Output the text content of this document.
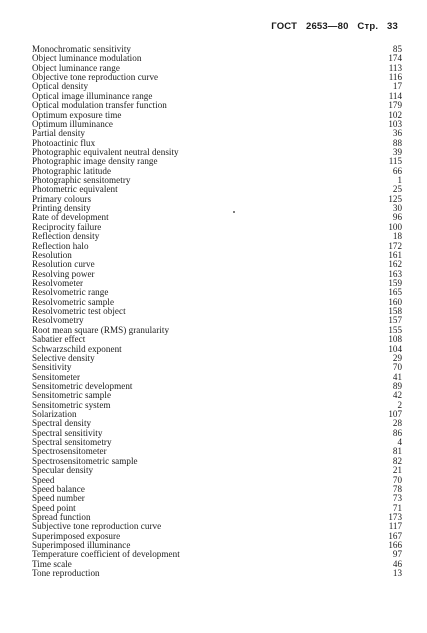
ГОСТ 2653—80 Стр. 33
Monochromatic sensitivity	85
Object luminance modulation	174
Object luminance range	113
Objective tone reproduction curve	116
Optical density	17
Optical image illuminance range	114
Optical modulation transfer function	179
Optimum exposure time	102
Optimum illuminance	103
Partial density	36
Photoactinic flux	88
Photographic equivalent neutral density	39
Photographic image density range	115
Photographic latitude	66
Photographic sensitometry	1
Photometric equivalent	25
Primary colours	125
Printing density	30
Rate of development	96
Reciprocity failure	100
Reflection density	18
Reflection halo	172
Resolution	161
Resolution curve	162
Resolving power	163
Resolvometer	159
Resolvometric range	165
Resolvometric sample	160
Resolvometric test object	158
Resolvometry	157
Root mean square (RMS) granularity	155
Sabatier effect	108
Schwarzschild exponent	104
Selective density	29
Sensitivity	70
Sensitometer	41
Sensitometric development	89
Sensitometric sample	42
Sensitometric system	2
Solarization	107
Spectral density	28
Spectral sensitivity	86
Spectral sensitometry	4
Spectrosensitometer	81
Spectrosensitometric sample	82
Specular density	21
Speed	70
Speed balance	78
Speed number	73
Speed point	71
Spread function	173
Subjective tone reproduction curve	117
Superimposed exposure	167
Superimposed illuminance	166
Temperature coefficient of development	97
Time scale	46
Tone reproduction	13
